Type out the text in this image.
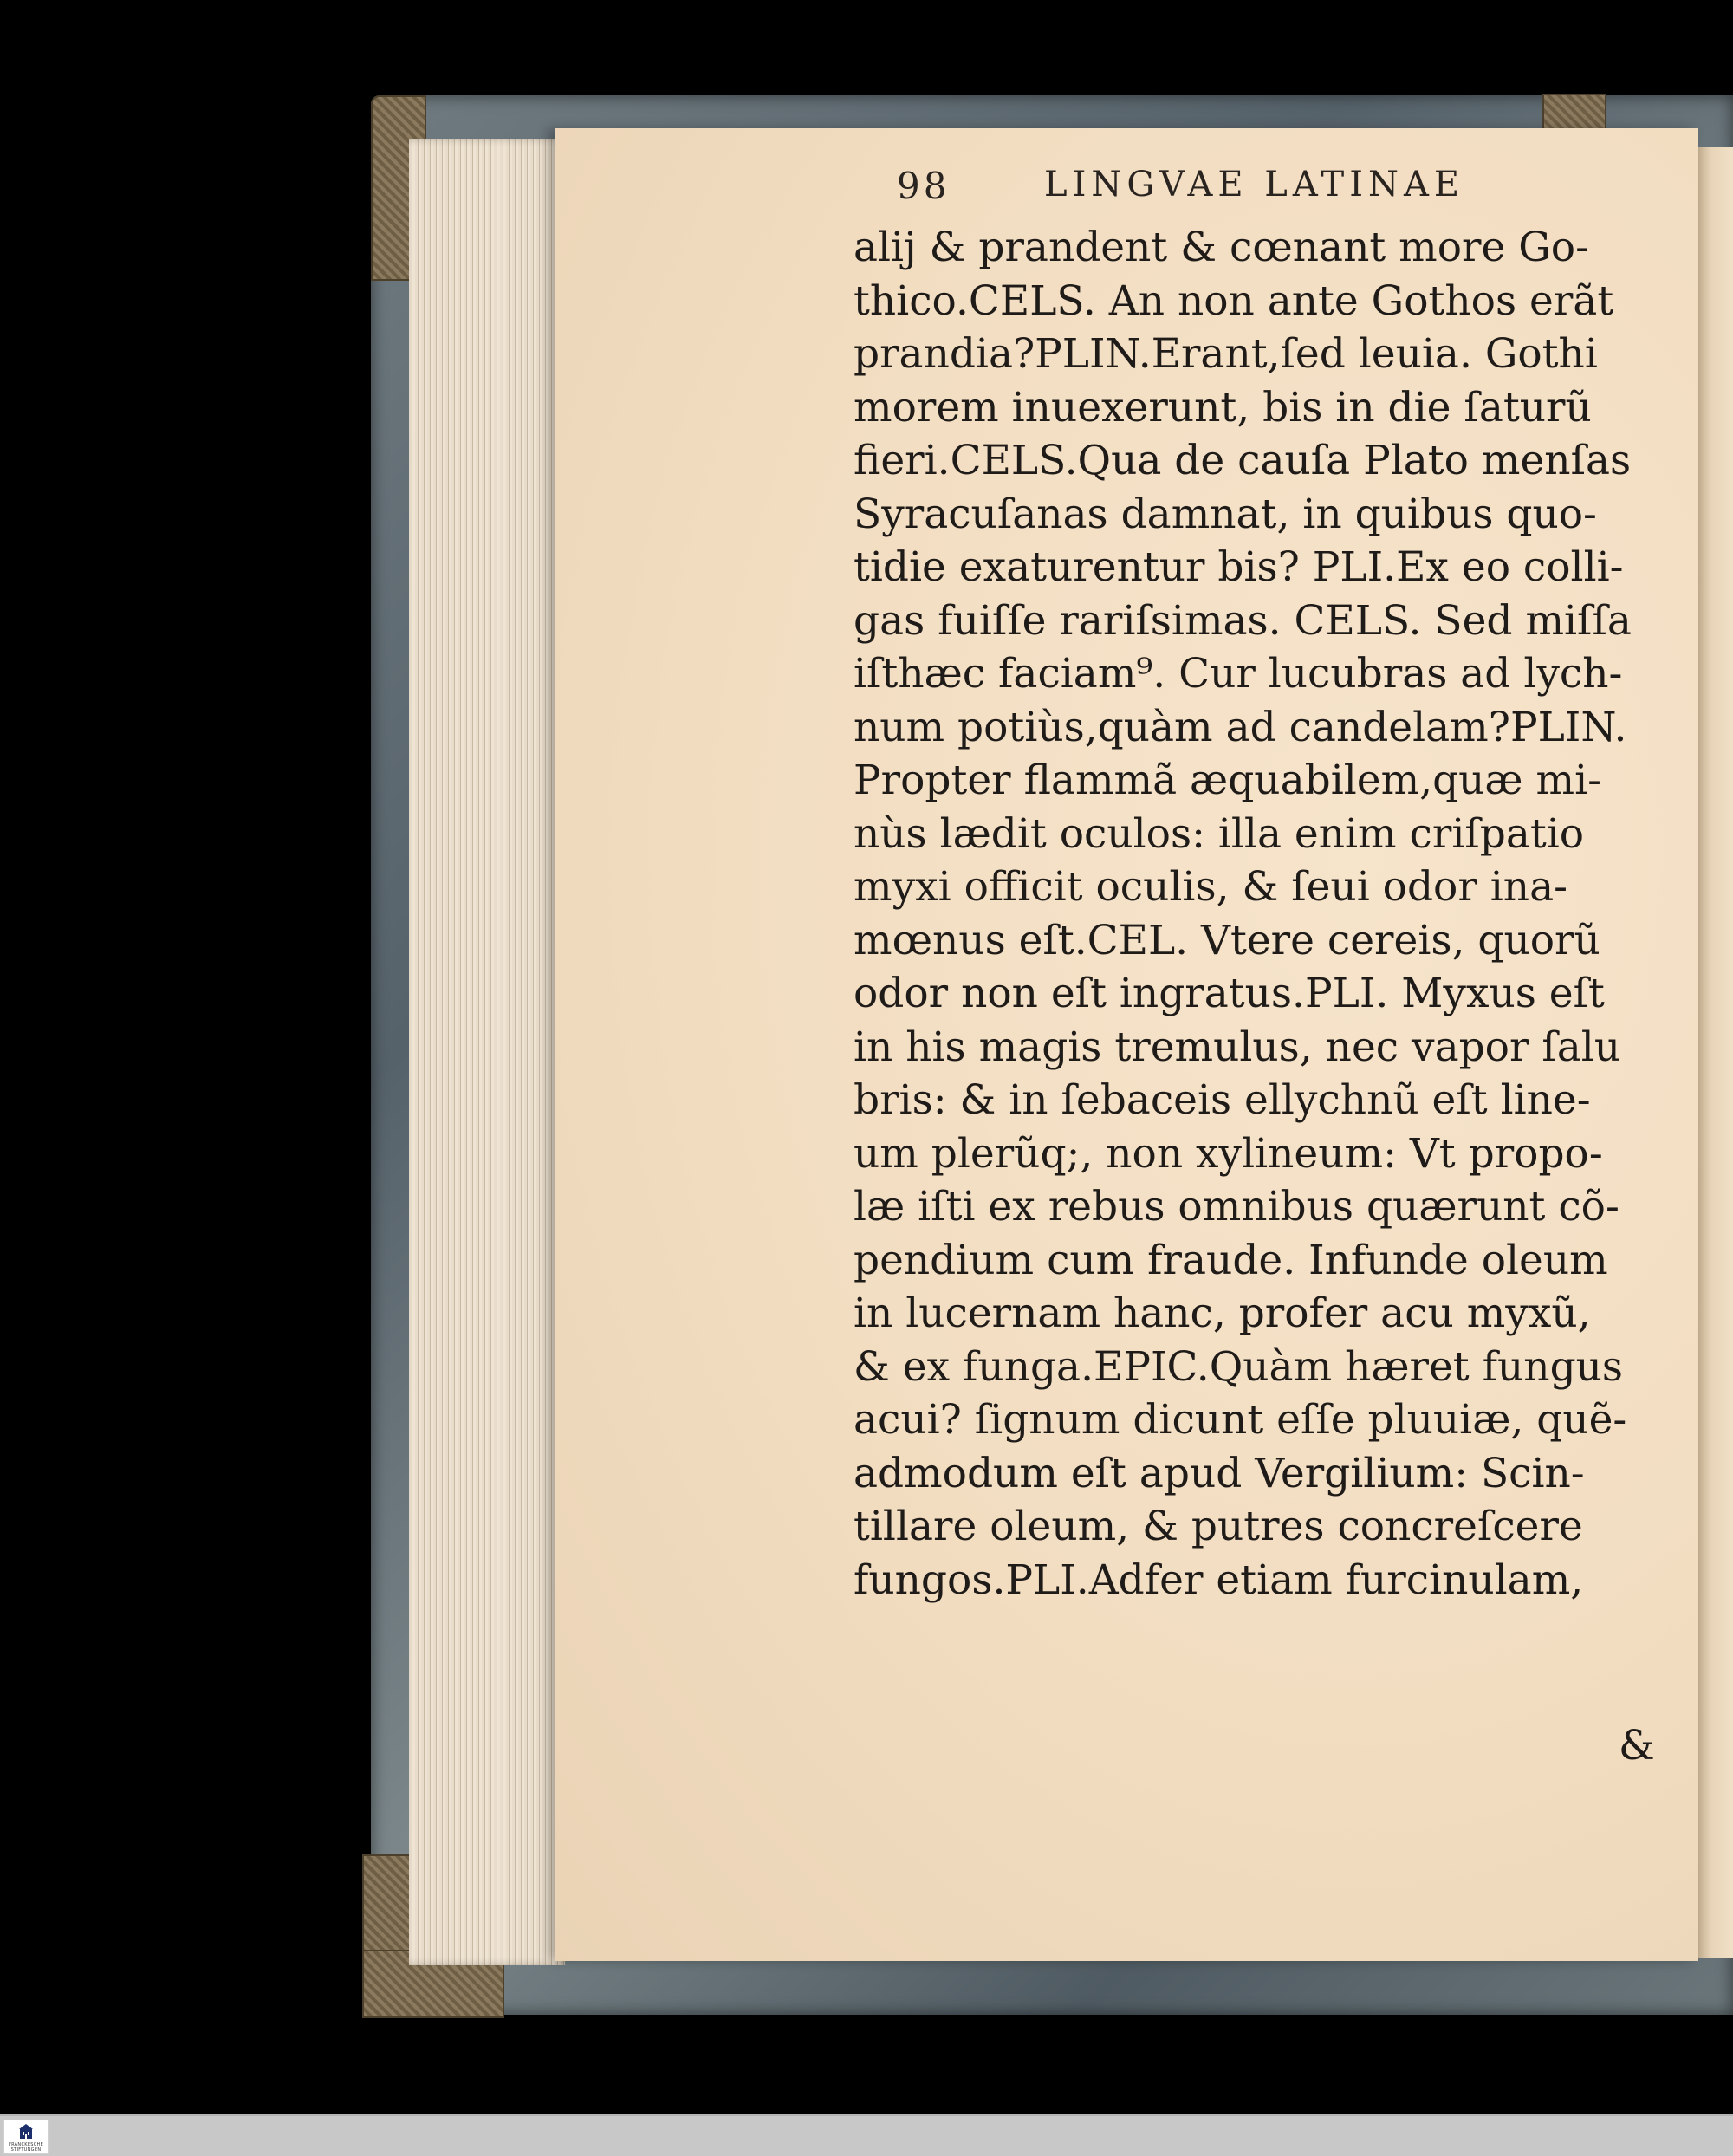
98	LINGVAE LATINAE
alij & prandent & cœnant more Go-
thico.CELS. An non ante Gothos erãt
prandia?PLIN.Erant,ſed leuia. Gothi
morem inuexerunt, bis in die ſaturũ
fieri.CELS.Qua de cauſa Plato menſas
Syracuſanas damnat, in quibus quo-
tidie exaturentur bis? PLI.Ex eo colli-
gas fuiſſe rariſsimas. CELS. Sed miſſa
iſthæc faciam⁹. Cur lucubras ad lych-
num potiùs,quàm ad candelam?PLIN.
Propter flammã æquabilem,quæ mi-
nùs lædit oculos: illa enim criſpatio
myxi officit oculis, & ſeui odor ina-
mœnus eſt.CEL. Vtere cereis, quorũ
odor non eſt ingratus.PLI. Myxus eſt
in his magis tremulus, nec vapor ſalu
bris: & in ſebaceis ellychnũ eſt line-
um plerũq;, non xylineum: Vt propo-
læ iſti ex rebus omnibus quærunt cõ-
pendium cum fraude. Infunde oleum
in lucernam hanc, profer acu myxũ,
& ex funga.EPIC.Quàm hæret fungus
acui? ſignum dicunt eſſe pluuiæ, quẽ-
admodum eſt apud Vergilium: Scin-
tillare oleum, & putres concreſcere
fungos.PLI.Adfer etiam furcinulam,
&
FRANCKESCHE STIFTUNGEN
